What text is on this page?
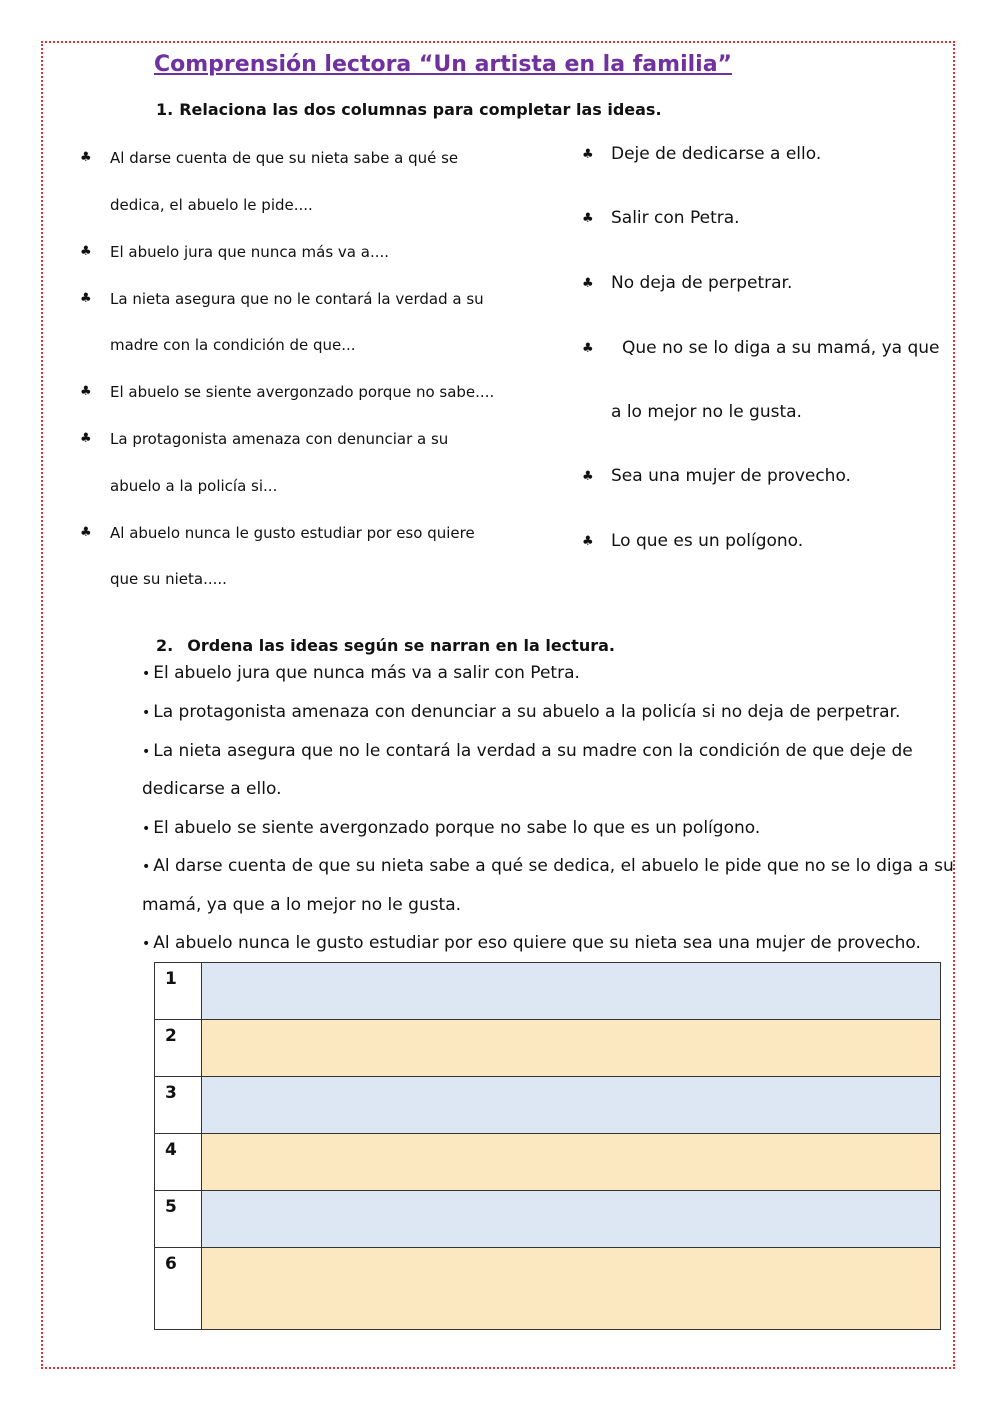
Comprensión lectora “Un artista en la familia”
1. Relaciona las dos columnas para completar las ideas.
♣ Al darse cuenta de que su nieta sabe a qué se
dedica, el abuelo le pide....
♣ El abuelo jura que nunca más va a....
♣ La nieta asegura que no le contará la verdad a su
madre con la condición de que...
♣ El abuelo se siente avergonzado porque no sabe....
♣ La protagonista amenaza con denunciar a su
abuelo a la policía si...
♣ Al abuelo nunca le gusto estudiar por eso quiere
que su nieta.....
♣ Deje de dedicarse a ello.
♣ Salir con Petra.
♣ No deja de perpetrar.
♣ Que no se lo diga a su mamá, ya que
a lo mejor no le gusta.
♣ Sea una mujer de provecho.
♣ Lo que es un polígono.
2. Ordena las ideas según se narran en la lectura.
• El abuelo jura que nunca más va a salir con Petra.
• La protagonista amenaza con denunciar a su abuelo a la policía si no deja de perpetrar.
• La nieta asegura que no le contará la verdad a su madre con la condición de que deje de
dedicarse a ello.
• El abuelo se siente avergonzado porque no sabe lo que es un polígono.
• Al darse cuenta de que su nieta sabe a qué se dedica, el abuelo le pide que no se lo diga a su
mamá, ya que a lo mejor no le gusta.
• Al abuelo nunca le gusto estudiar por eso quiere que su nieta sea una mujer de provecho.
1	
2	
3	
4	
5	
6	
